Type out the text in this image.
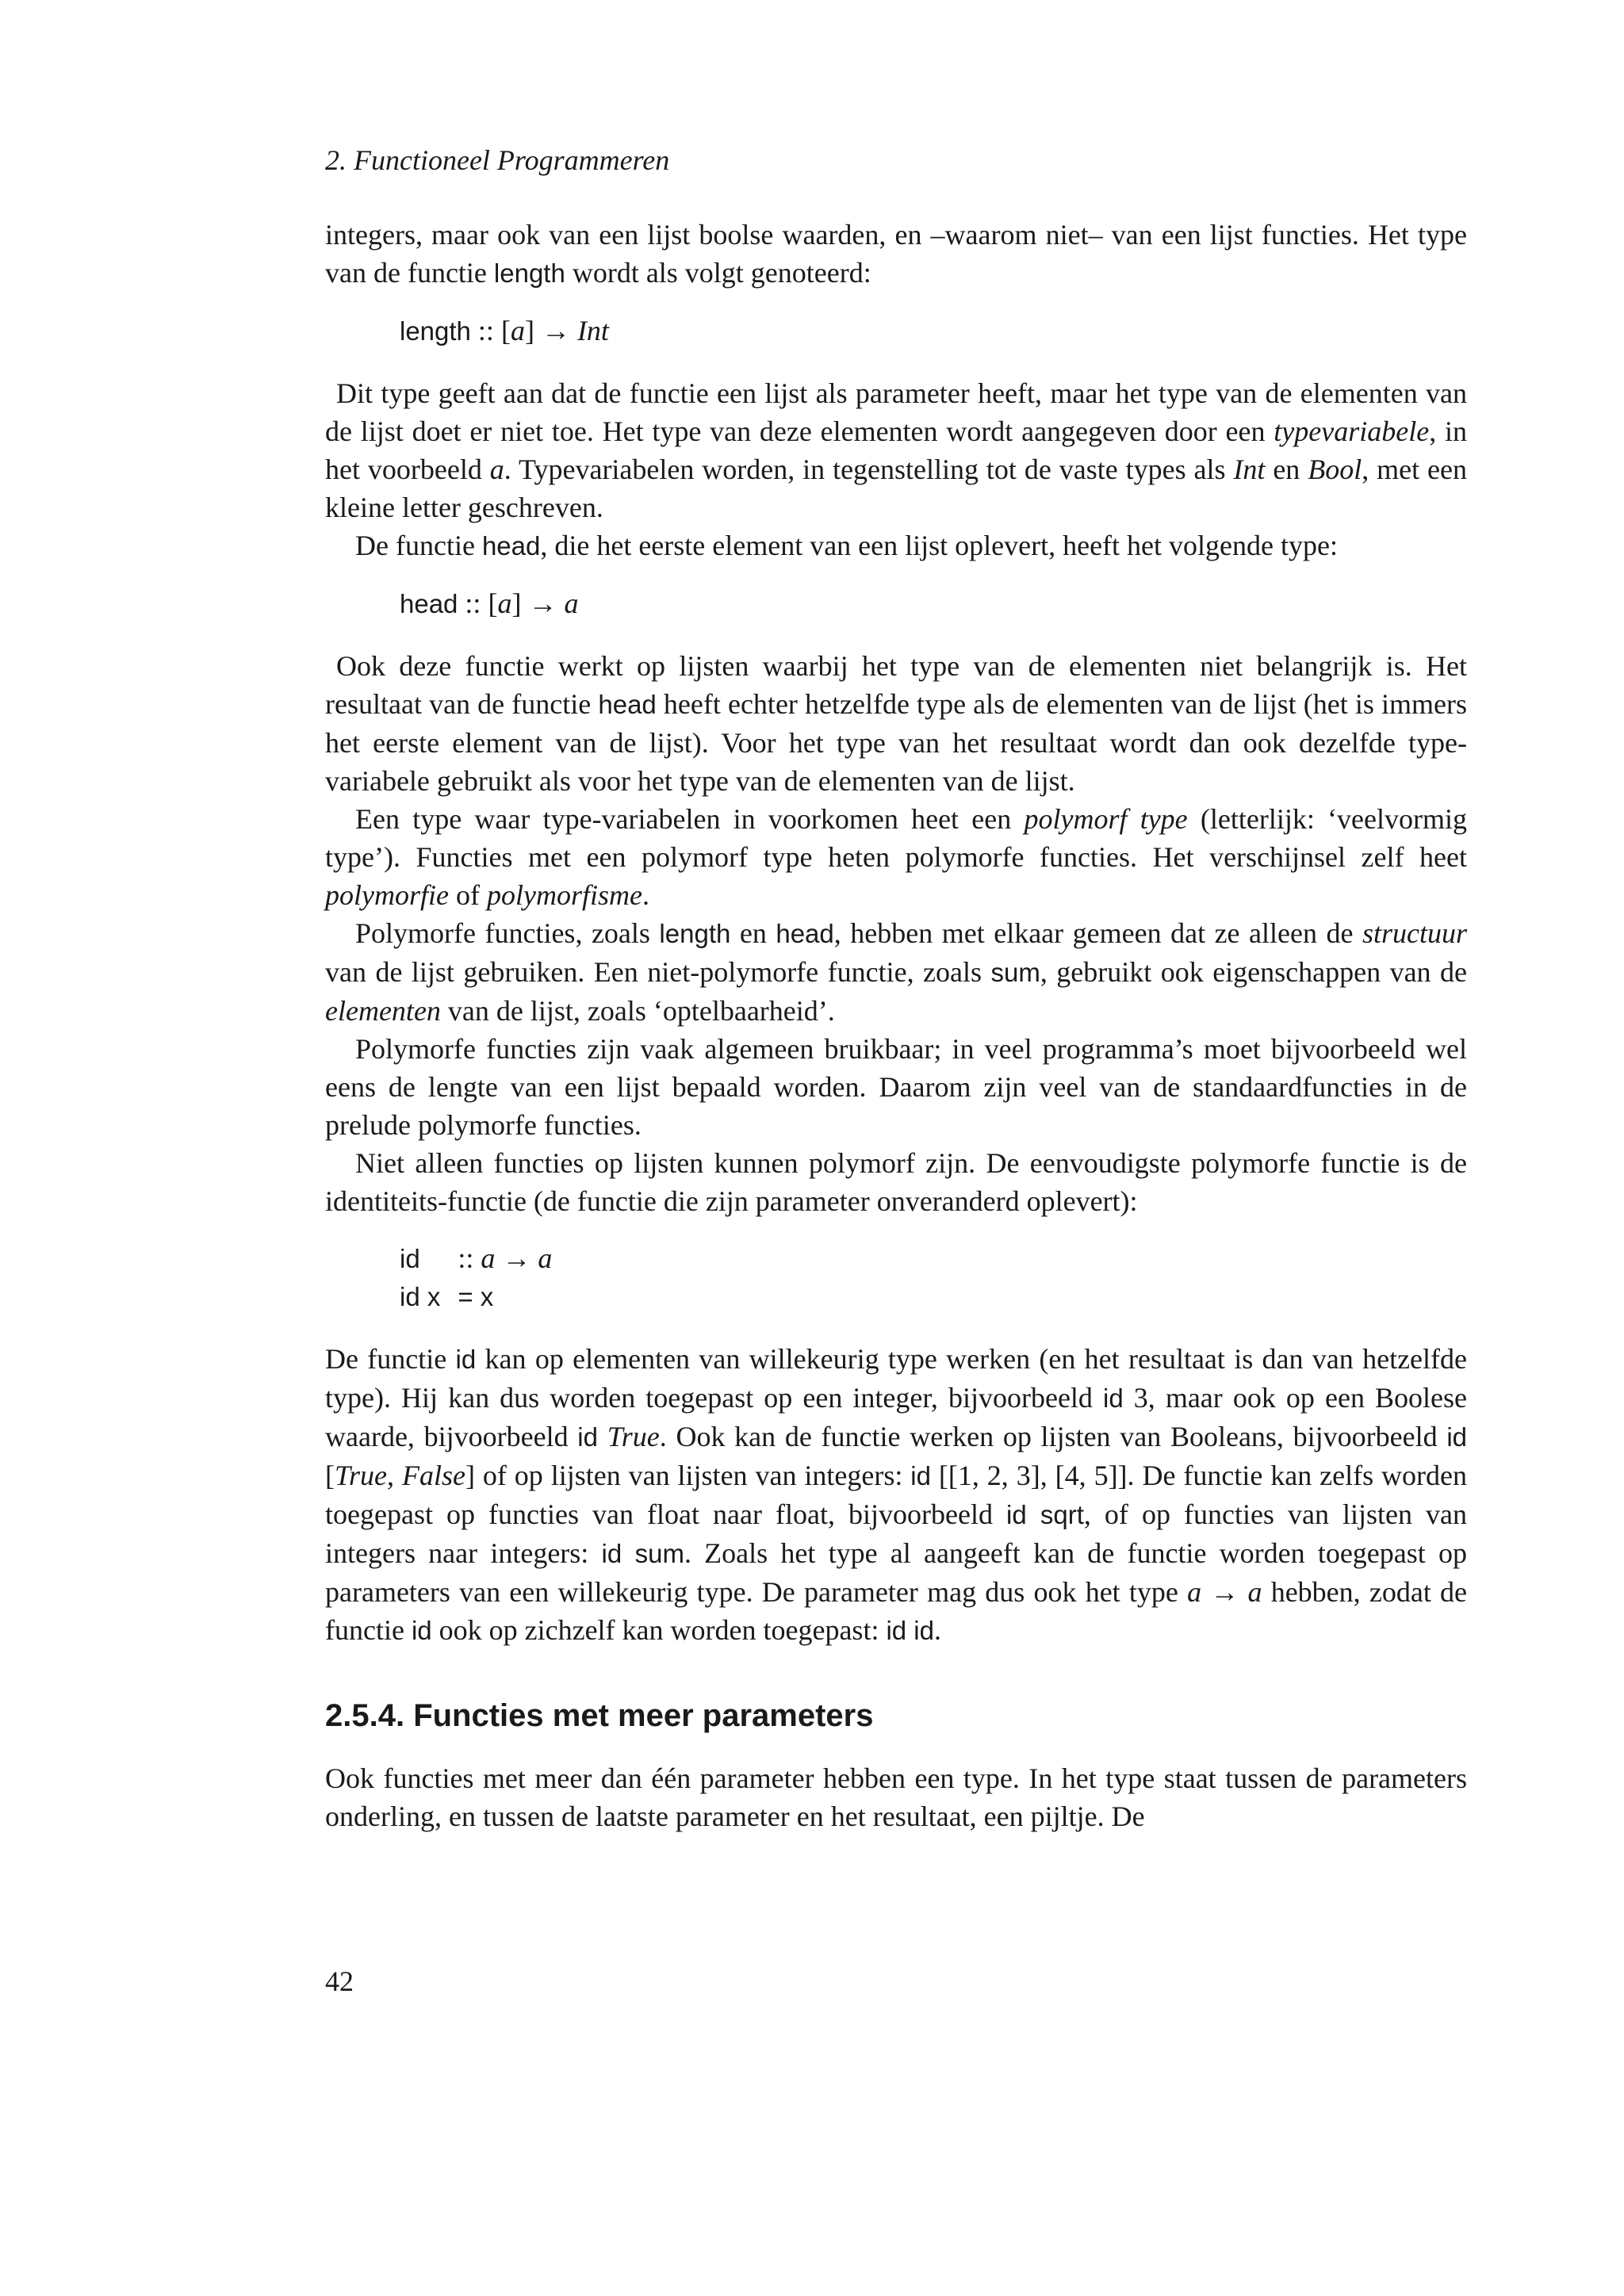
2. Functioneel Programmeren

integers, maar ook van een lijst boolse waarden, en –waarom niet– van een lijst functies. Het type van de functie length wordt als volgt genoteerd:

length :: [a] → Int

Dit type geeft aan dat de functie een lijst als parameter heeft, maar het type van de elementen van de lijst doet er niet toe. Het type van deze elementen wordt aangegeven door een typevariabele, in het voorbeeld a. Typevariabelen worden, in tegenstelling tot de vaste types als Int en Bool, met een kleine letter geschreven.

De functie head, die het eerste element van een lijst oplevert, heeft het volgende type:

head :: [a] → a

Ook deze functie werkt op lijsten waarbij het type van de elementen niet belangrijk is. Het resultaat van de functie head heeft echter hetzelfde type als de elementen van de lijst (het is immers het eerste element van de lijst). Voor het type van het resultaat wordt dan ook dezelfde type-variabele gebruikt als voor het type van de elementen van de lijst.

Een type waar type-variabelen in voorkomen heet een polymorf type (letterlijk: ‘veelvormig type’). Functies met een polymorf type heten polymorfe functies. Het verschijnsel zelf heet polymorfie of polymorfisme.

Polymorfe functies, zoals length en head, hebben met elkaar gemeen dat ze alleen de structuur van de lijst gebruiken. Een niet-polymorfe functie, zoals sum, gebruikt ook eigenschappen van de elementen van de lijst, zoals ‘optelbaarheid’.

Polymorfe functies zijn vaak algemeen bruikbaar; in veel programma’s moet bijvoorbeeld wel eens de lengte van een lijst bepaald worden. Daarom zijn veel van de standaardfuncties in de prelude polymorfe functies.

Niet alleen functies op lijsten kunnen polymorf zijn. De eenvoudigste polymorfe functie is de identiteits-functie (de functie die zijn parameter onveranderd oplevert):

id	:: a → a
id x	= x

De functie id kan op elementen van willekeurig type werken (en het resultaat is dan van hetzelfde type). Hij kan dus worden toegepast op een integer, bijvoorbeeld id 3, maar ook op een Boolese waarde, bijvoorbeeld id True. Ook kan de functie werken op lijsten van Booleans, bijvoorbeeld id [True, False] of op lijsten van lijsten van integers: id [[1, 2, 3], [4, 5]]. De functie kan zelfs worden toegepast op functies van float naar float, bijvoorbeeld id sqrt, of op functies van lijsten van integers naar integers: id sum. Zoals het type al aangeeft kan de functie worden toegepast op parameters van een willekeurig type. De parameter mag dus ook het type a → a hebben, zodat de functie id ook op zichzelf kan worden toegepast: id id.

2.5.4. Functies met meer parameters

Ook functies met meer dan één parameter hebben een type. In het type staat tussen de parameters onderling, en tussen de laatste parameter en het resultaat, een pijltje. De

42
